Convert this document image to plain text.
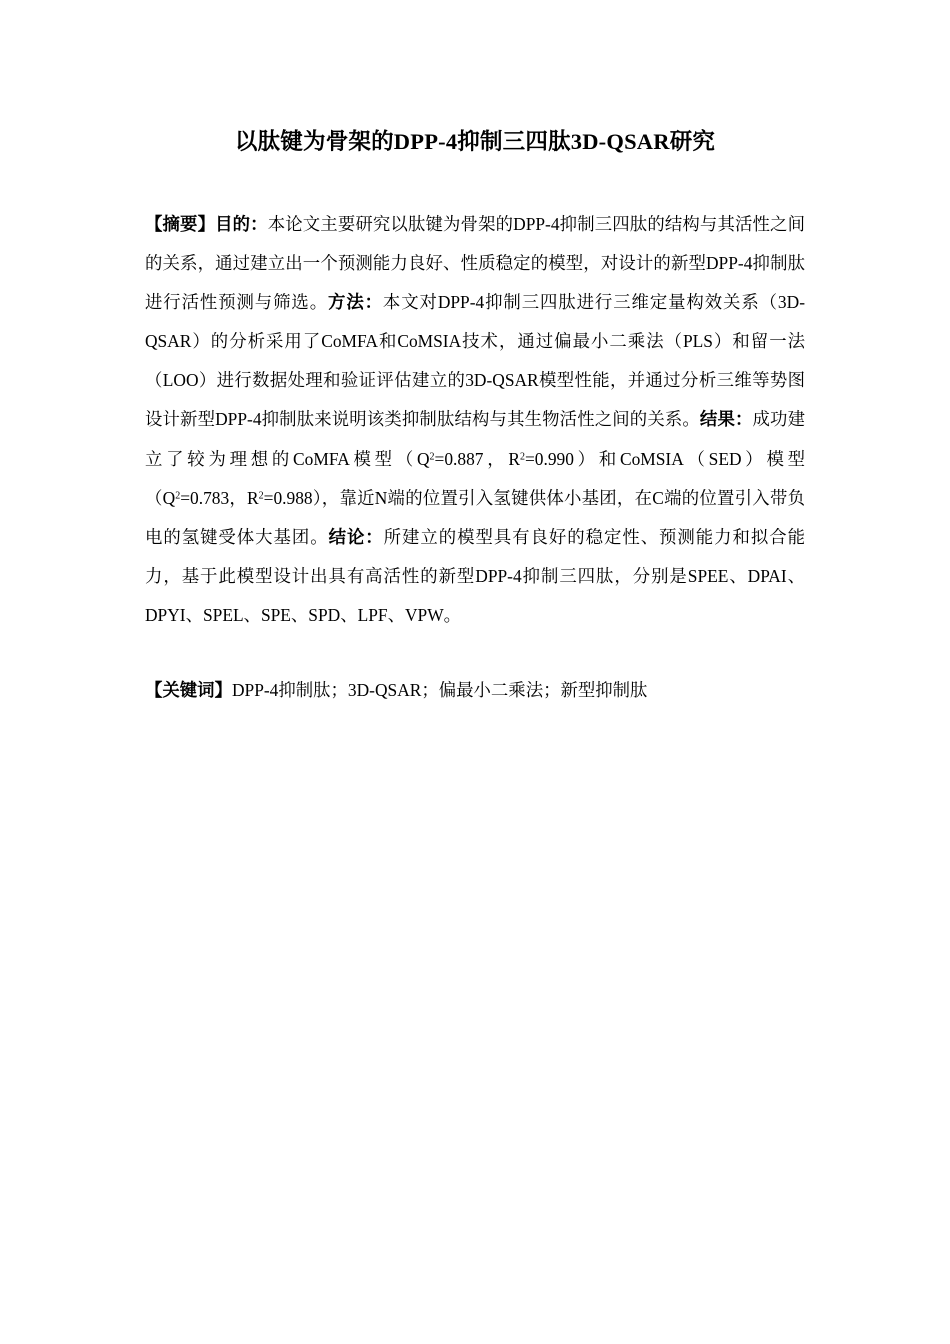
以肽键为骨架的DPP-4抑制三四肽3D-QSAR研究

【摘要】目的：本论文主要研究以肽键为骨架的DPP-4抑制三四肽的结构与其活性之间的关系，通过建立出一个预测能力良好、性质稳定的模型，对设计的新型DPP-4抑制肽进行活性预测与筛选。方法：本文对DPP-4抑制三四肽进行三维定量构效关系（3D-QSAR）的分析采用了CoMFA和CoMSIA技术，通过偏最小二乘法（PLS）和留一法（LOO）进行数据处理和验证评估建立的3D-QSAR模型性能，并通过分析三维等势图设计新型DPP-4抑制肽来说明该类抑制肽结构与其生物活性之间的关系。结果：成功建立了较为理想的CoMFA模型（$Q^2=0.887$，$R^2=0.990$）和CoMSIA（SED）模型（$Q^2=0.783$，$R^2=0.988$），靠近N端的位置引入氢键供体小基团，在C端的位置引入带负电的氢键受体大基团。结论：所建立的模型具有良好的稳定性、预测能力和拟合能力，基于此模型设计出具有高活性的新型DPP-4抑制三四肽，分别是SPEE、DPAI、DPYI、SPEL、SPE、SPD、LPF、VPW。

【关键词】DPP-4抑制肽；3D-QSAR；偏最小二乘法；新型抑制肽
